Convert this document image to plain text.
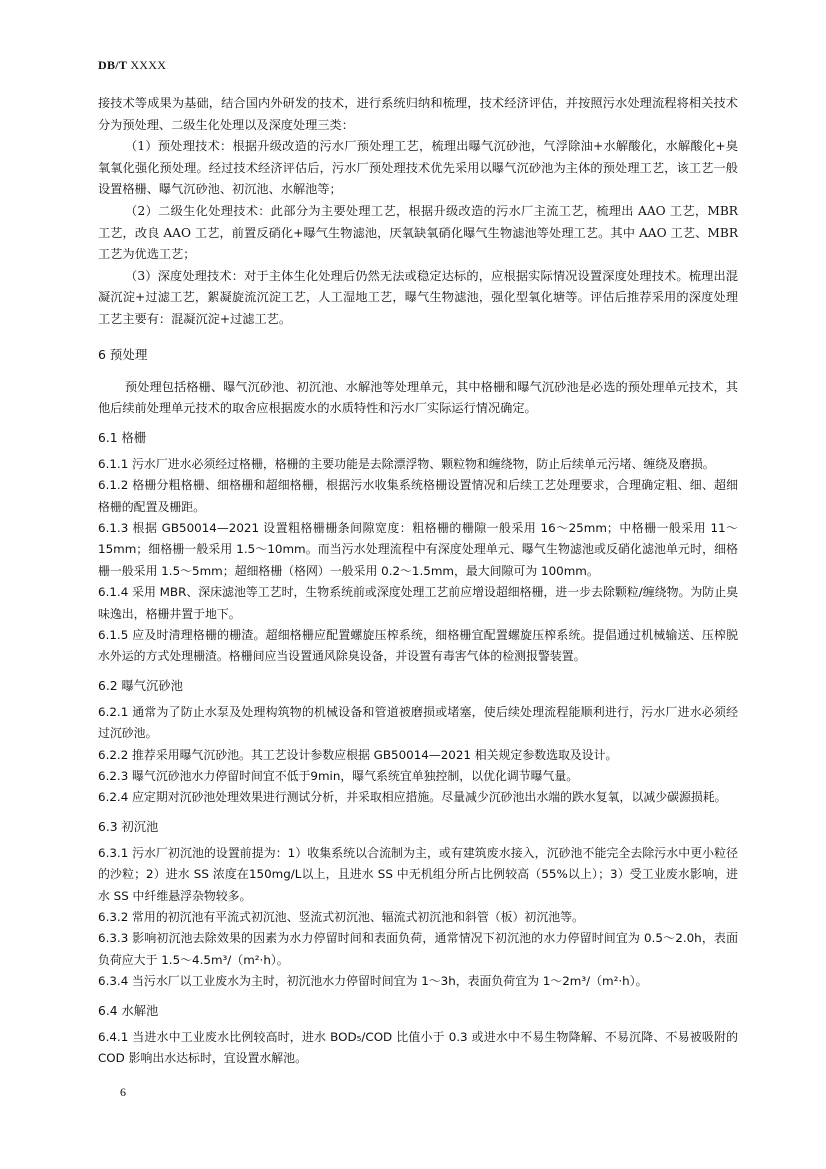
DB/T XXXX

接技术等成果为基础，结合国内外研发的技术，进行系统归纳和梳理，技术经济评估，并按照污水处理流程将相关技术分为预处理、二级生化处理以及深度处理三类：

（1）预处理技术：根据升级改造的污水厂预处理工艺，梳理出曝气沉砂池，气浮除油+水解酸化，水解酸化+臭氧氧化强化预处理。经过技术经济评估后，污水厂预处理技术优先采用以曝气沉砂池为主体的预处理工艺，该工艺一般设置格栅、曝气沉砂池、初沉池、水解池等；

（2）二级生化处理技术：此部分为主要处理工艺，根据升级改造的污水厂主流工艺，梳理出 AAO 工艺，MBR 工艺，改良 AAO 工艺，前置反硝化+曝气生物滤池，厌氧缺氧硝化曝气生物滤池等处理工艺。其中 AAO 工艺、MBR 工艺为优选工艺；

（3）深度处理技术：对于主体生化处理后仍然无法或稳定达标的，应根据实际情况设置深度处理技术。梳理出混凝沉淀+过滤工艺，絮凝旋流沉淀工艺，人工湿地工艺，曝气生物滤池，强化型氧化塘等。评估后推荐采用的深度处理工艺主要有：混凝沉淀+过滤工艺。

6 预处理

预处理包括格栅、曝气沉砂池、初沉池、水解池等处理单元，其中格栅和曝气沉砂池是必选的预处理单元技术，其他后续前处理单元技术的取舍应根据废水的水质特性和污水厂实际运行情况确定。

6.1 格栅

6.1.1 污水厂进水必须经过格栅，格栅的主要功能是去除漂浮物、颗粒物和缠绕物，防止后续单元污堵、缠绕及磨损。

6.1.2 格栅分粗格栅、细格栅和超细格栅，根据污水收集系统格栅设置情况和后续工艺处理要求，合理确定粗、细、超细格栅的配置及栅距。

6.1.3 根据 GB50014—2021 设置粗格栅栅条间隙宽度：粗格栅的栅隙一般采用 16～25mm；中格栅一般采用 11～15mm；细格栅一般采用 1.5～10mm。而当污水处理流程中有深度处理单元、曝气生物滤池或反硝化滤池单元时，细格栅一般采用 1.5～5mm；超细格栅（格网）一般采用 0.2～1.5mm，最大间隙可为 100mm。

6.1.4 采用 MBR、深床滤池等工艺时，生物系统前或深度处理工艺前应增设超细格栅，进一步去除颗粒/缠绕物。为防止臭味逸出，格栅井置于地下。

6.1.5 应及时清理格栅的栅渣。超细格栅应配置螺旋压榨系统，细格栅宜配置螺旋压榨系统。提倡通过机械输送、压榨脱水外运的方式处理栅渣。格栅间应当设置通风除臭设备，并设置有毒害气体的检测报警装置。

6.2 曝气沉砂池

6.2.1 通常为了防止水泵及处理构筑物的机械设备和管道被磨损或堵塞，使后续处理流程能顺利进行，污水厂进水必须经过沉砂池。

6.2.2 推荐采用曝气沉砂池。其工艺设计参数应根据 GB50014—2021 相关规定参数选取及设计。

6.2.3 曝气沉砂池水力停留时间宜不低于9min，曝气系统宜单独控制，以优化调节曝气量。

6.2.4 应定期对沉砂池处理效果进行测试分析，并采取相应措施。尽量减少沉砂池出水端的跌水复氧，以减少碳源损耗。

6.3 初沉池

6.3.1 污水厂初沉池的设置前提为：1）收集系统以合流制为主，或有建筑废水接入，沉砂池不能完全去除污水中更小粒径的沙粒；2）进水 SS 浓度在150mg/L以上，且进水 SS 中无机组分所占比例较高（55%以上）；3）受工业废水影响，进水 SS 中纤维悬浮杂物较多。

6.3.2 常用的初沉池有平流式初沉池、竖流式初沉池、辐流式初沉池和斜管（板）初沉池等。

6.3.3 影响初沉池去除效果的因素为水力停留时间和表面负荷，通常情况下初沉池的水力停留时间宜为 0.5～2.0h，表面负荷应大于 1.5～4.5m³/（m²·h）。

6.3.4 当污水厂以工业废水为主时，初沉池水力停留时间宜为 1～3h，表面负荷宜为 1～2m³/（m²·h）。

6.4 水解池

6.4.1 当进水中工业废水比例较高时，进水 BOD₅/COD 比值小于 0.3 或进水中不易生物降解、不易沉降、不易被吸附的 COD 影响出水达标时，宜设置水解池。

6
